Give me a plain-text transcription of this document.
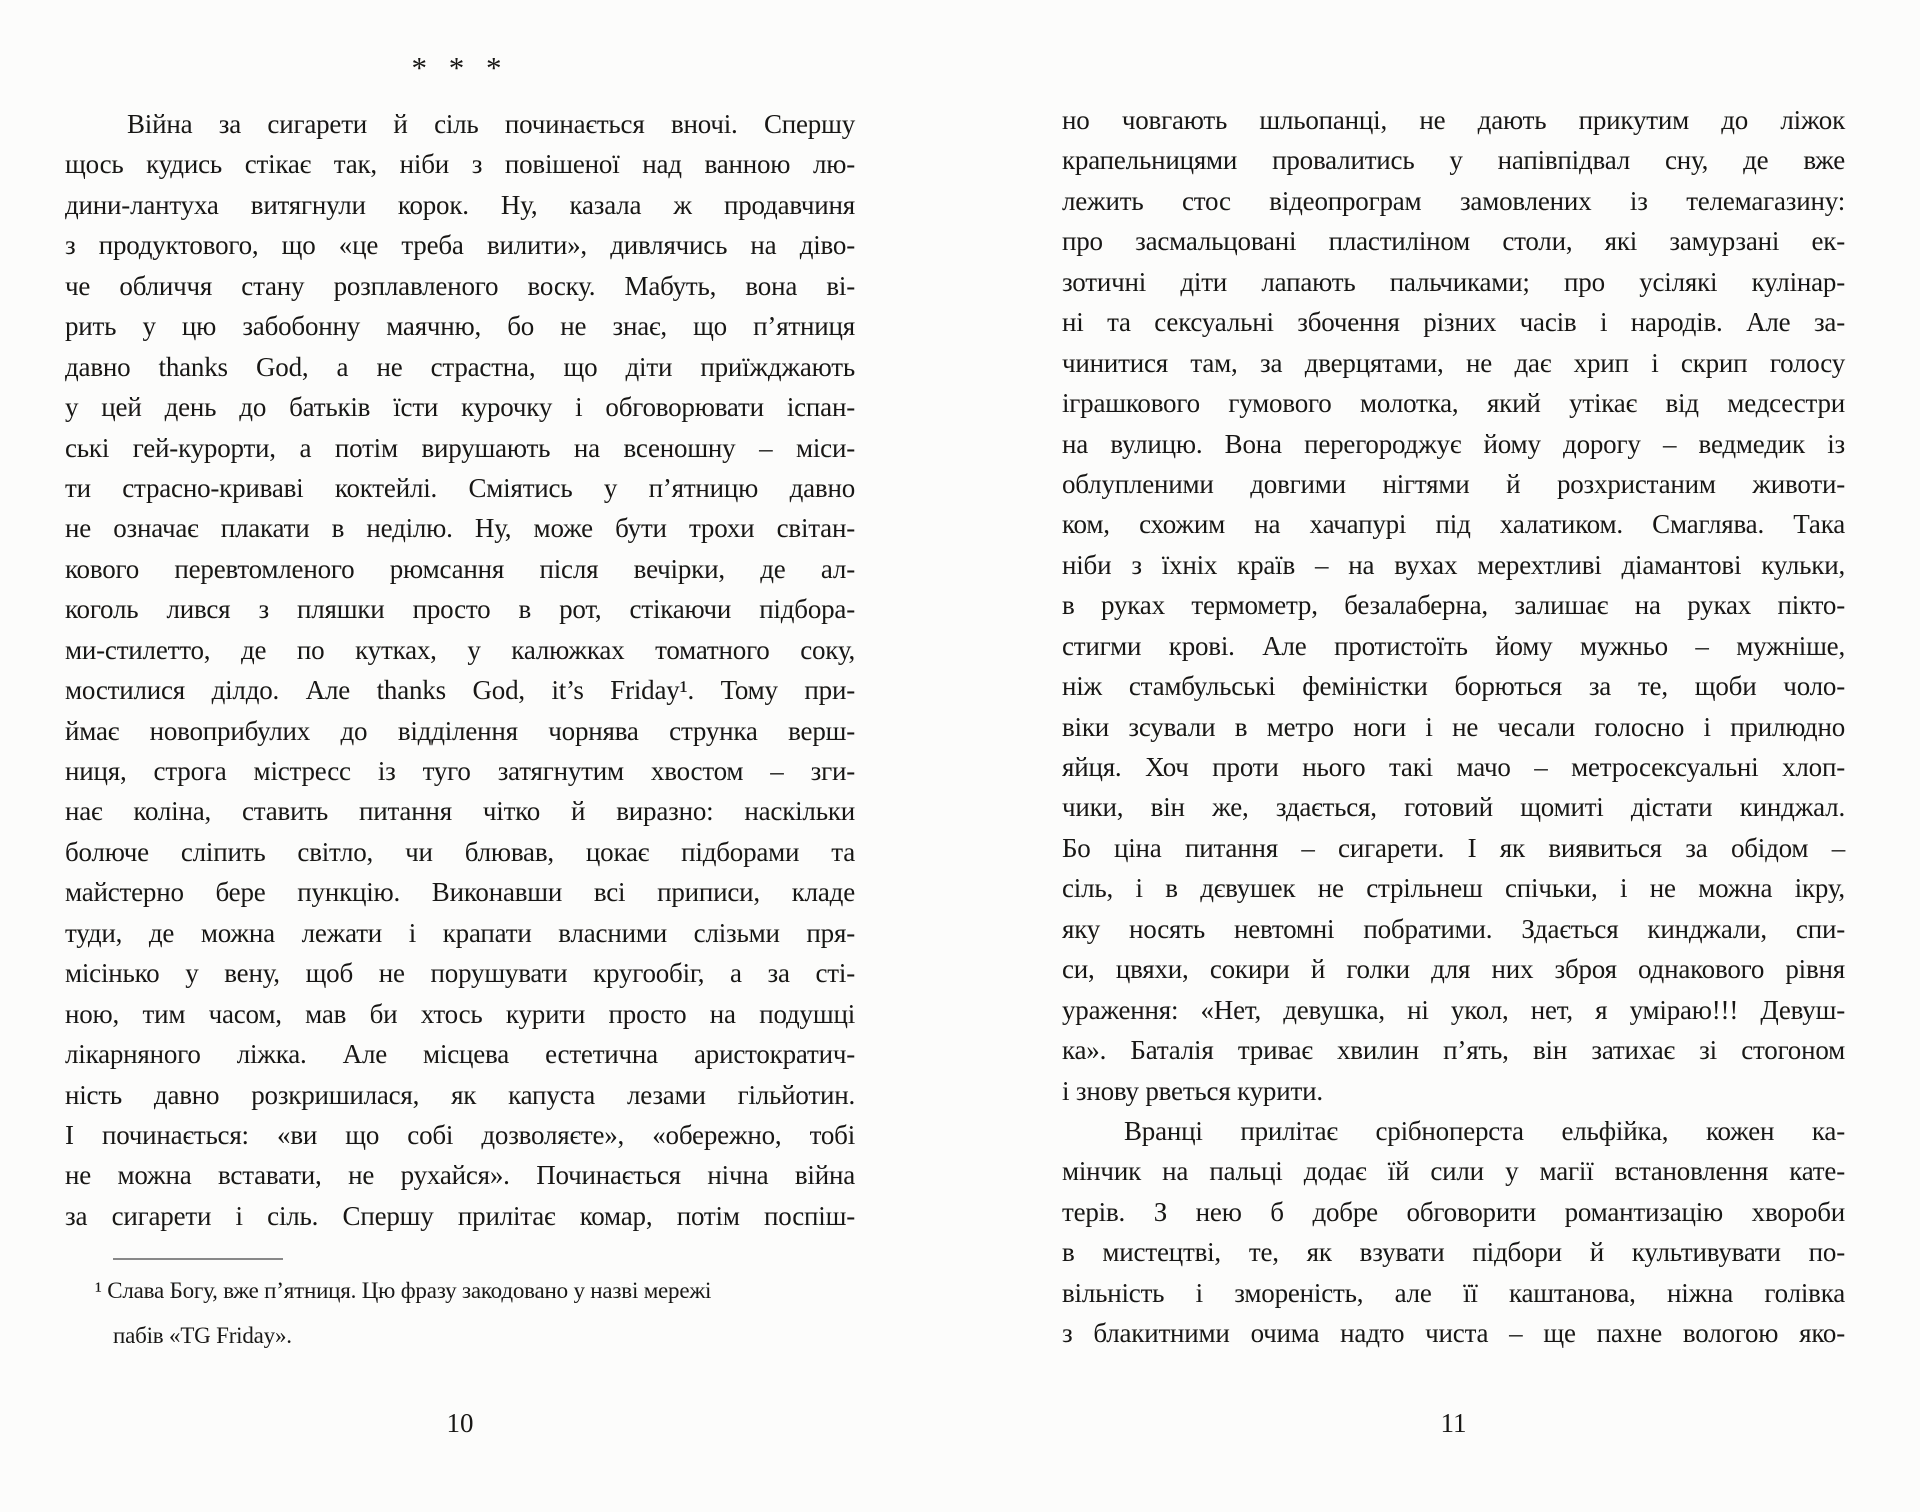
* * *
Війна за сигарети й сіль починається вночі. Спершу
щось кудись стікає так, ніби з повішеної над ванною лю-
дини-лантуха витягнули корок. Ну, казала ж продавчиня
з продуктового, що «це треба вилити», дивлячись на діво-
че обличчя стану розплавленого воску. Мабуть, вона ві-
рить у цю забобонну маячню, бо не знає, що п’ятниця
давно thanks God, а не страстна, що діти приїжджають
у цей день до батьків їсти курочку і обговорювати іспан-
ські гей-курорти, а потім вирушають на всеношну – міси-
ти страсно-криваві коктейлі. Сміятись у п’ятницю давно
не означає плакати в неділю. Ну, може бути трохи світан-
кового перевтомленого рюмсання після вечірки, де ал-
коголь лився з пляшки просто в рот, стікаючи підбора-
ми-стилетто, де по кутках, у калюжках томатного соку,
мостилися ділдо. Але thanks God, it’s Friday¹. Тому при-
ймає новоприбулих до відділення чорнява струнка верш-
ниця, строга містресс із туго затягнутим хвостом – зги-
нає коліна, ставить питання чітко й виразно: наскільки
болюче сліпить світло, чи блював, цокає підборами та
майстерно бере пункцію. Виконавши всі приписи, кладе
туди, де можна лежати і крапати власними слізьми пря-
місінько у вену, щоб не порушувати кругообіг, а за сті-
ною, тим часом, мав би хтось курити просто на подушці
лікарняного ліжка. Але місцева естетична аристократич-
ність давно розкришилася, як капуста лезами гільйотин.
І починається: «ви що собі дозволяєте», «обережно, тобі
не можна вставати, не рухайся». Починається нічна війна
за сигарети і сіль. Спершу прилітає комар, потім поспіш-
¹ Слава Богу, вже п’ятниця. Цю фразу закодовано у назві мережі
пабів «TG Friday».
10
но човгають шльопанці, не дають прикутим до ліжок
крапельницями провалитись у напівпідвал сну, де вже
лежить стос відеопрограм замовлених із телемагазину:
про засмальцовані пластиліном столи, які замурзані ек-
зотичні діти лапають пальчиками; про усілякі кулінар-
ні та сексуальні збочення різних часів і народів. Але за-
чинитися там, за дверцятами, не дає хрип і скрип голосу
іграшкового гумового молотка, який утікає від медсестри
на вулицю. Вона перегороджує йому дорогу – ведмедик із
облупленими довгими нігтями й розхристаним животи-
ком, схожим на хачапурі під халатиком. Смаглява. Така
ніби з їхніх країв – на вухах мерехтливі діамантові кульки,
в руках термометр, безалаберна, залишає на руках пікто-
стигми крові. Але протистоїть йому мужньо – мужніше,
ніж стамбульські феміністки борються за те, щоби чоло-
віки зсували в метро ноги і не чесали голосно і прилюдно
яйця. Хоч проти нього такі мачо – метросексуальні хлоп-
чики, він же, здається, готовий щомиті дістати кинджал.
Бо ціна питання – сигарети. І як виявиться за обідом –
сіль, і в дєвушек не стрільнеш спічьки, і не можна ікру,
яку носять невтомні побратими. Здається кинджали, спи-
си, цвяхи, сокири й голки для них зброя однакового рівня
ураження: «Нет, девушка, ні укол, нет, я уміраю!!! Девуш-
ка». Баталія триває хвилин п’ять, він затихає зі стогоном
і знову рветься курити.
Вранці прилітає срібноперста ельфійка, кожен ка-
мінчик на пальці додає їй сили у магії встановлення кате-
терів. З нею б добре обговорити романтизацію хвороби
в мистецтві, те, як взувати підбори й культивувати по-
вільність і змореність, але її каштанова, ніжна голівка
з блакитними очима надто чиста – ще пахне вологою яко-
11
